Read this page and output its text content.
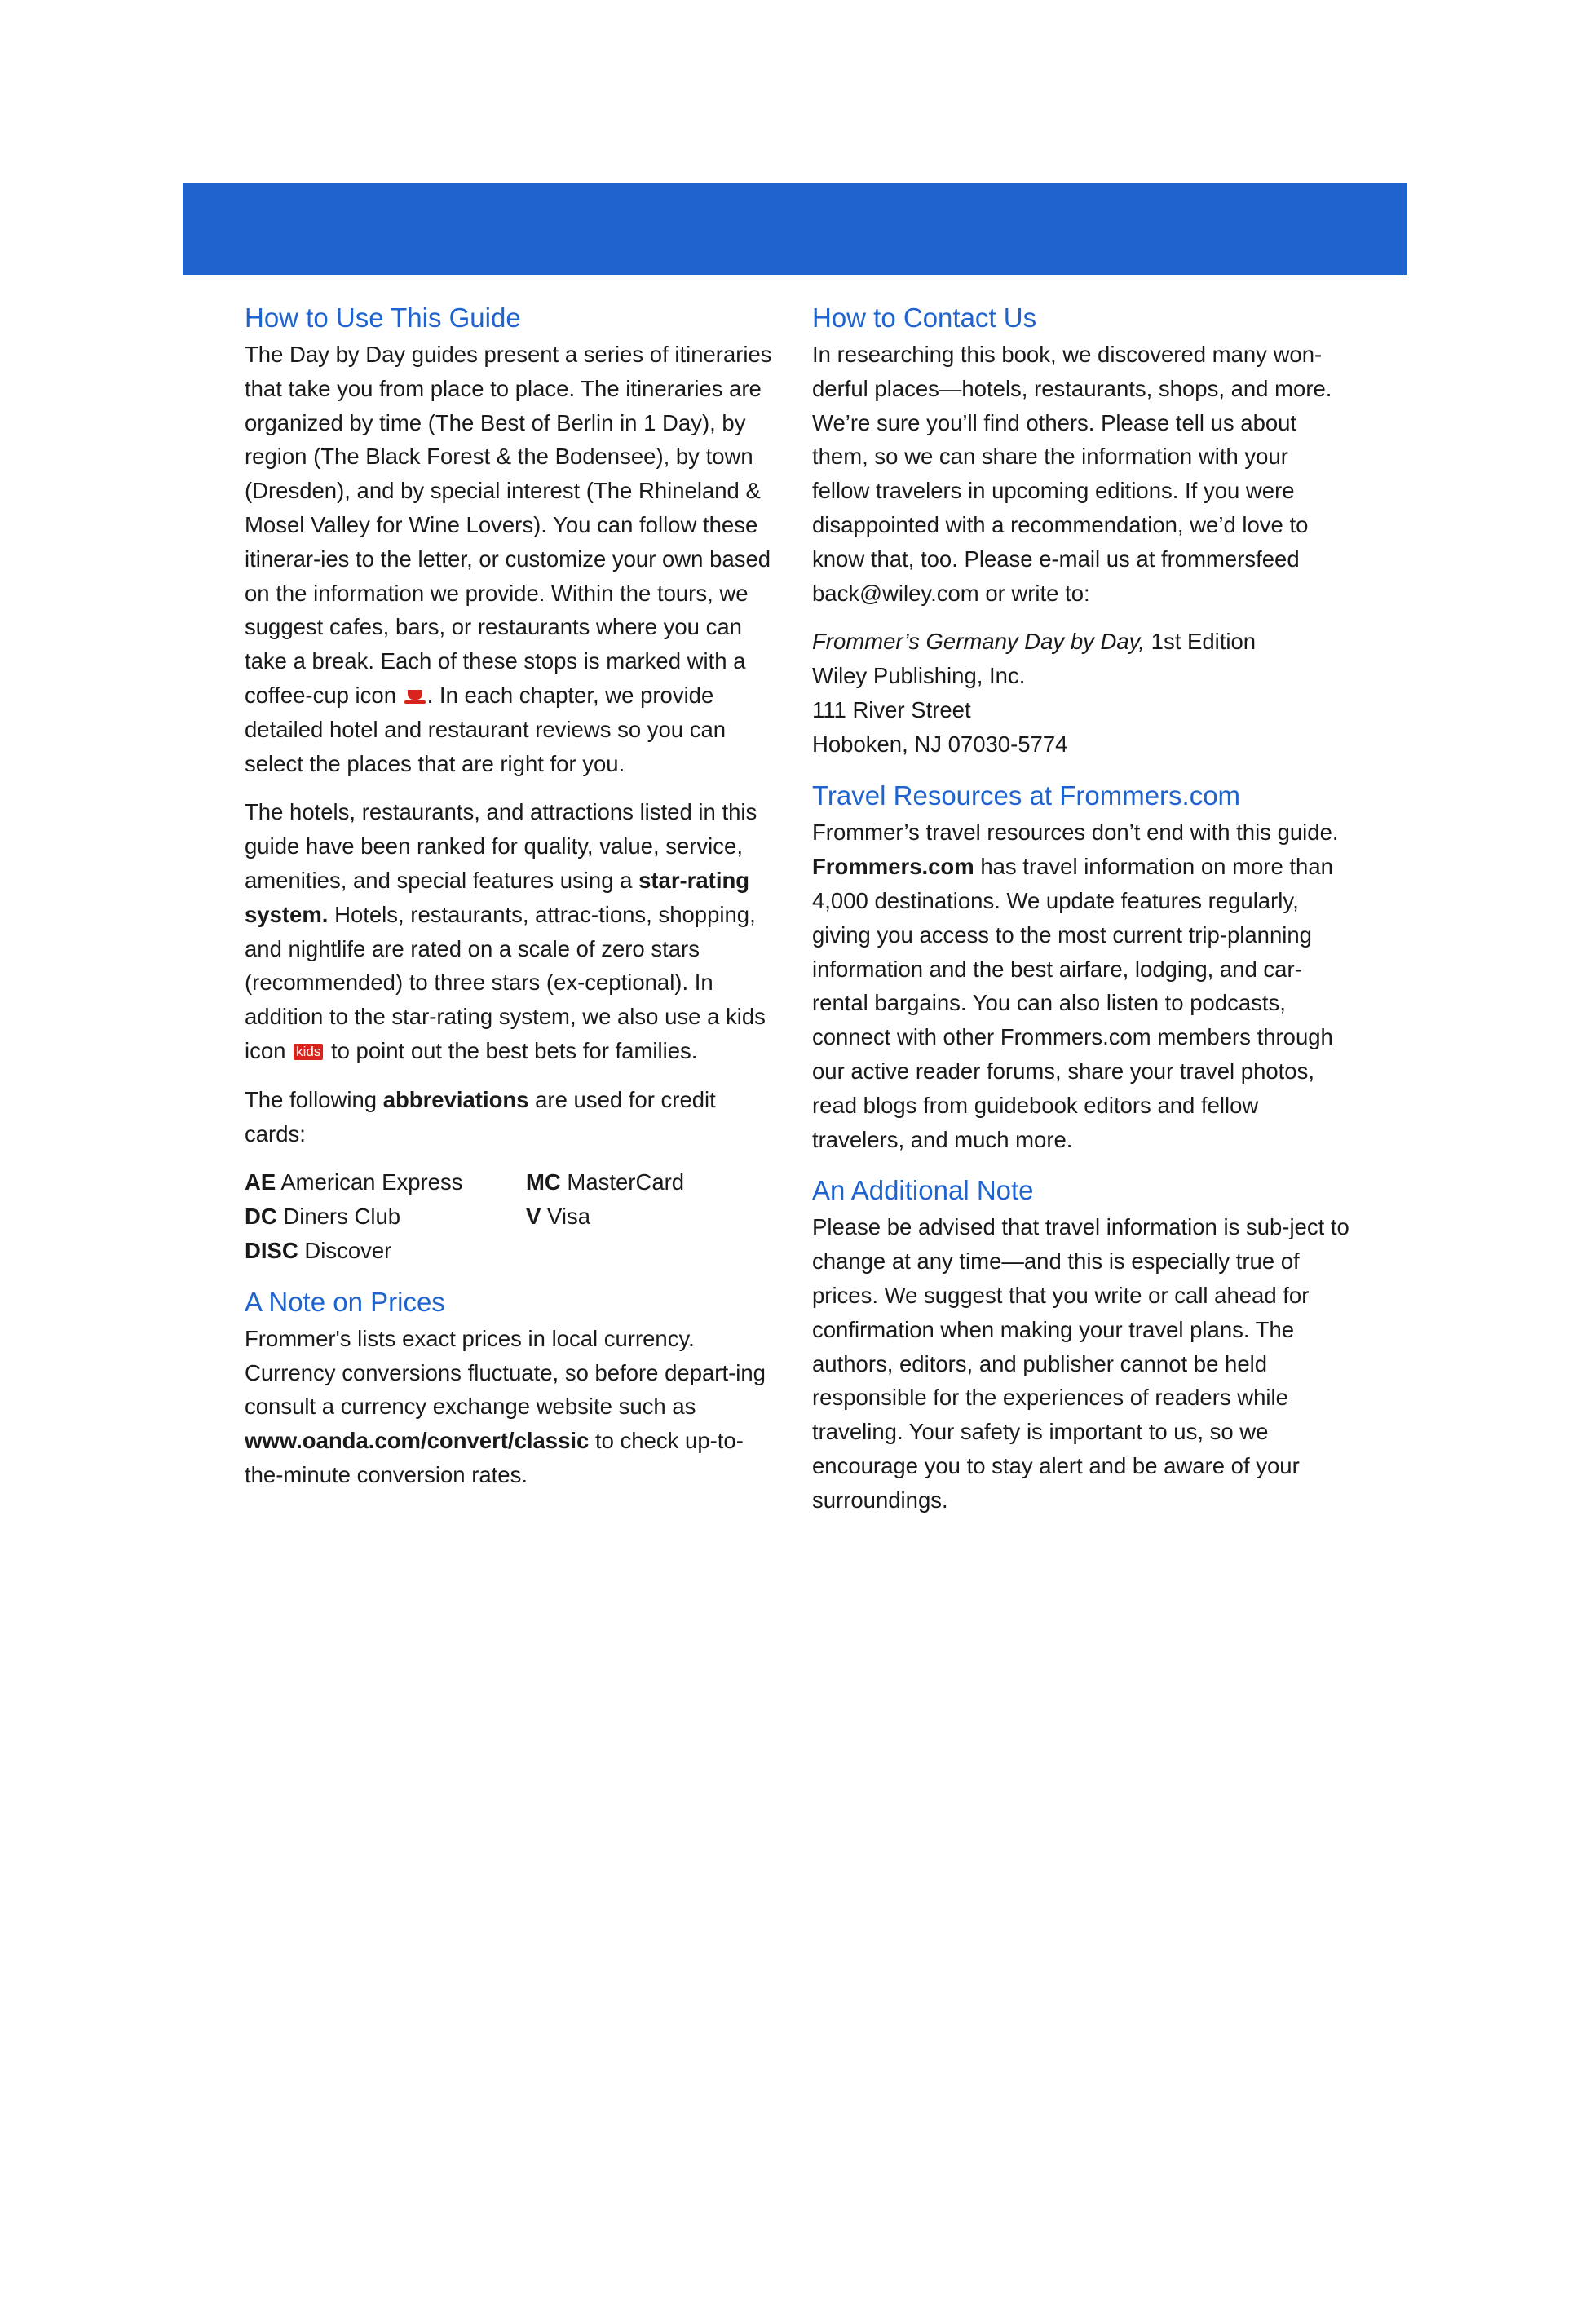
How to Use This Guide

The Day by Day guides present a series of itineraries that take you from place to place. The itineraries are organized by time (The Best of Berlin in 1 Day), by region (The Black Forest & the Bodensee), by town (Dresden), and by special interest (The Rhineland & Mosel Valley for Wine Lovers). You can follow these itinerar-ies to the letter, or customize your own based on the information we provide. Within the tours, we suggest cafes, bars, or restaurants where you can take a break. Each of these stops is marked with a coffee-cup icon . In each chapter, we provide detailed hotel and restaurant reviews so you can select the places that are right for you.

The hotels, restaurants, and attractions listed in this guide have been ranked for quality, value, service, amenities, and special features using a star-rating system. Hotels, restaurants, attrac-tions, shopping, and nightlife are rated on a scale of zero stars (recommended) to three stars (ex-ceptional). In addition to the star-rating system, we also use a kids icon kids to point out the best bets for families.

The following abbreviations are used for credit cards:

AE American Express	MC MasterCard
DC Diners Club	V Visa
DISC Discover
A Note on Prices

Frommer's lists exact prices in local currency. Currency conversions fluctuate, so before depart-ing consult a currency exchange website such as www.oanda.com/convert/classic to check up-to-the-minute conversion rates.

How to Contact Us

In researching this book, we discovered many won-derful places—hotels, restaurants, shops, and more. We’re sure you’ll find others. Please tell us about them, so we can share the information with your fellow travelers in upcoming editions. If you were disappointed with a recommendation, we’d love to know that, too. Please e-mail us at frommersfeed back@wiley.com or write to:

Frommer’s Germany Day by Day, 1st Edition

Wiley Publishing, Inc.

111 River Street

Hoboken, NJ 07030-5774

Travel Resources at Frommers.com

Frommer’s travel resources don’t end with this guide. Frommers.com has travel information on more than 4,000 destinations. We update features regularly, giving you access to the most current trip-planning information and the best airfare, lodging, and car-rental bargains. You can also listen to podcasts, connect with other Frommers.com members through our active reader forums, share your travel photos, read blogs from guidebook editors and fellow travelers, and much more.

An Additional Note

Please be advised that travel information is sub-ject to change at any time—and this is especially true of prices. We suggest that you write or call ahead for confirmation when making your travel plans. The authors, editors, and publisher cannot be held responsible for the experiences of readers while traveling. Your safety is important to us, so we encourage you to stay alert and be aware of your surroundings.
